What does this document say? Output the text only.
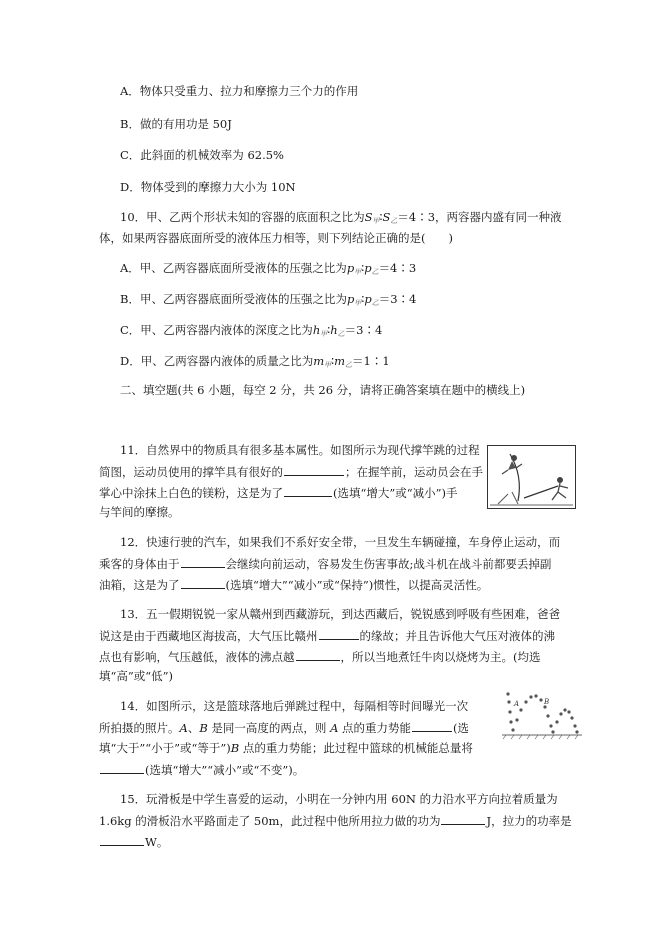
A．物体只受重力、拉力和摩擦力三个力的作用
B．做的有用功是 50J
C．此斜面的机械效率为 62.5%
D．物体受到的摩擦力大小为 10N
10．甲、乙两个形状未知的容器的底面积之比为$S_甲∶S_乙=4∶3$，两容器内盛有同一种液
体，如果两容器底面所受的液体压力相等，则下列结论正确的是(　　)
A．甲、乙两容器底面所受液体的压强之比为$p_甲∶p_乙=4∶3$
B．甲、乙两容器底面所受液体的压强之比为$p_甲∶p_乙=3∶4$
C．甲、乙两容器内液体的深度之比为$h_甲∶h_乙=3∶4$
D．甲、乙两容器内液体的质量之比为$m_甲∶m_乙=1∶1$
二、填空题(共 6 小题，每空 2 分，共 26 分，请将正确答案填在题中的横线上)
11．自然界中的物质具有很多基本属性。如图所示为现代撑竿跳的过程
简图，运动员使用的撑竿具有很好的	；在握竿前，运动员会在手
掌心中涂抹上白色的镁粉，这是为了	(选填“增大”或“减小”)手
与竿间的摩擦。
12．快速行驶的汽车，如果我们不系好安全带，一旦发生车辆碰撞，车身停止运动，而
乘客的身体由于	会继续向前运动，容易发生伤害事故;战斗机在战斗前都要丢掉副
油箱，这是为了	(选填“增大”“减小”或“保持”)惯性，以提高灵活性。
13．五一假期锐锐一家从赣州到西藏游玩，到达西藏后，锐锐感到呼吸有些困难，爸爸
说这是由于西藏地区海拔高，大气压比赣州	的缘故；并且告诉他大气压对液体的沸
点也有影响，气压越低，液体的沸点越	，所以当地煮饪牛肉以烧烤为主。(均选
填“高”或“低”)
14．如图所示，这是篮球落地后弹跳过程中，每隔相等时间曝光一次
所拍摄的照片。A、B 是同一高度的两点，则 A 点的重力势能	(选
填“大于”“小于”或“等于”)B 点的重力势能；此过程中篮球的机械能总量将
(选填“增大”“减小”或“不变”)。
A	B
15．玩滑板是中学生喜爱的运动，小明在一分钟内用 60N 的力沿水平方向拉着质量为
1.6kg 的滑板沿水平路面走了 50m，此过程中他所用拉力做的功为	J，拉力的功率是
W。
